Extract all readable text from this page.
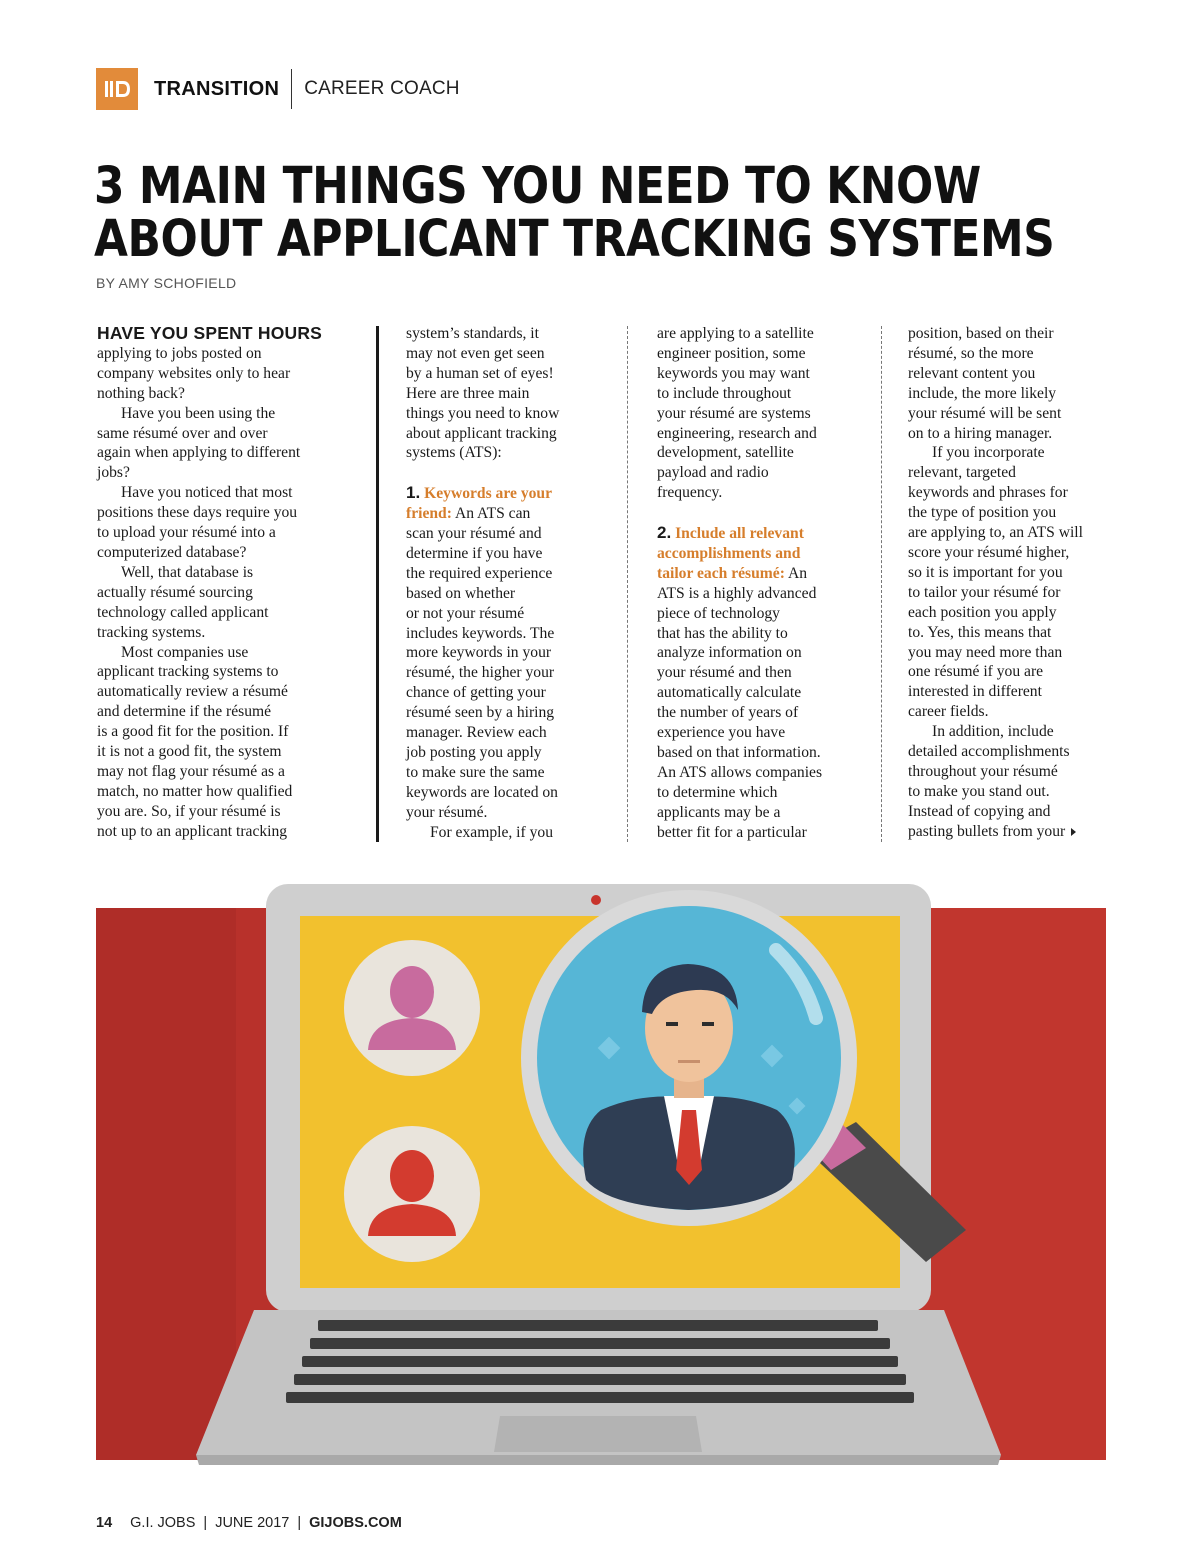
TRANSITION CAREER COACH
3 MAIN THINGS YOU NEED TO KNOW
ABOUT APPLICANT TRACKING SYSTEMS
BY AMY SCHOFIELD

HAVE YOU SPENT HOURS

applying to jobs posted on

company websites only to hear

nothing back?

Have you been using the

same résumé over and over

again when applying to different

jobs?

Have you noticed that most

positions these days require you

to upload your résumé into a

computerized database?

Well, that database is

actually résumé sourcing

technology called applicant

tracking systems.

Most companies use

applicant tracking systems to

automatically review a résumé

and determine if the résumé

is a good fit for the position. If

it is not a good fit, the system

may not flag your résumé as a

match, no matter how qualified

you are. So, if your résumé is

not up to an applicant tracking

system’s standards, it

may not even get seen

by a human set of eyes!

Here are three main

things you need to know

about applicant tracking

systems (ATS):

1. Keywords are your

friend: An ATS can

scan your résumé and

determine if you have

the required experience

based on whether

or not your résumé

includes keywords. The

more keywords in your

résumé, the higher your

chance of getting your

résumé seen by a hiring

manager. Review each

job posting you apply

to make sure the same

keywords are located on

your résumé.

For example, if you

are applying to a satellite

engineer position, some

keywords you may want

to include throughout

your résumé are systems

engineering, research and

development, satellite

payload and radio

frequency.

2. Include all relevant

accomplishments and

tailor each résumé: An

ATS is a highly advanced

piece of technology

that has the ability to

analyze information on

your résumé and then

automatically calculate

the number of years of

experience you have

based on that information.

An ATS allows companies

to determine which

applicants may be a

better fit for a particular

position, based on their

résumé, so the more

relevant content you

include, the more likely

your résumé will be sent

on to a hiring manager.

If you incorporate

relevant, targeted

keywords and phrases for

the type of position you

are applying to, an ATS will

score your résumé higher,

so it is important for you

to tailor your résumé for

each position you apply

to. Yes, this means that

you may need more than

one résumé if you are

interested in different

career fields.

In addition, include

detailed accomplishments

throughout your résumé

to make you stand out.

Instead of copying and

pasting bullets from your

14 G.I. JOBS | JUNE 2017 | GIJOBS.COM
